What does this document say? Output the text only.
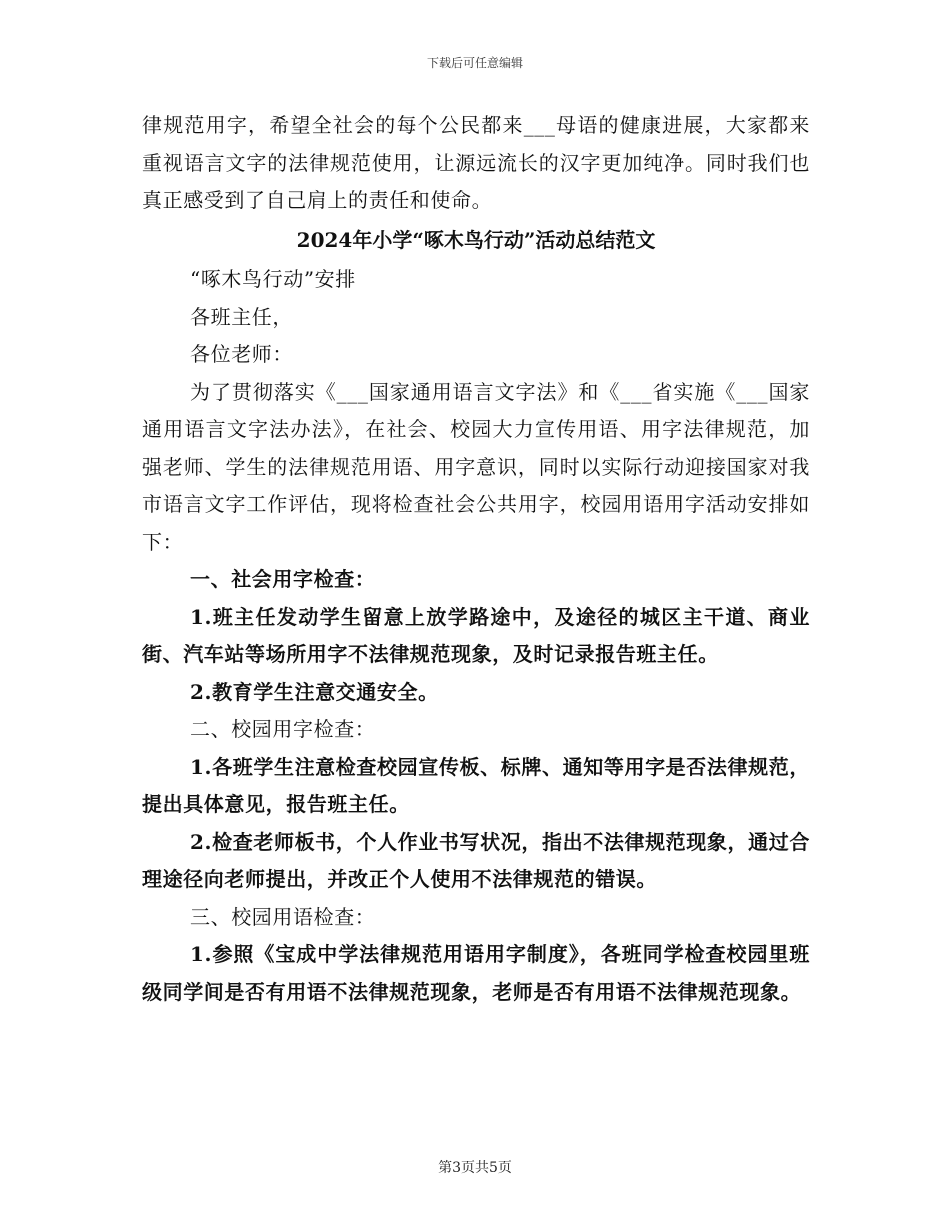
下载后可任意编辑

律规范用字，希望全社会的每个公民都来___母语的健康进展，大家都来重视语言文字的法律规范使用，让源远流长的汉字更加纯净。同时我们也真正感受到了自己肩上的责任和使命。

2024年小学“啄木鸟行动”活动总结范文

“啄木鸟行动”安排

各班主任，

各位老师：

为了贯彻落实《___国家通用语言文字法》和《___省实施《___国家通用语言文字法办法》，在社会、校园大力宣传用语、用字法律规范，加强老师、学生的法律规范用语、用字意识，同时以实际行动迎接国家对我市语言文字工作评估，现将检查社会公共用字，校园用语用字活动安排如下：

一、社会用字检查：

1.班主任发动学生留意上放学路途中，及途径的城区主干道、商业街、汽车站等场所用字不法律规范现象，及时记录报告班主任。

2.教育学生注意交通安全。

二、校园用字检查：

1.各班学生注意检查校园宣传板、标牌、通知等用字是否法律规范，提出具体意见，报告班主任。

2.检查老师板书，个人作业书写状况，指出不法律规范现象，通过合理途径向老师提出，并改正个人使用不法律规范的错误。

三、校园用语检查：

1.参照《宝成中学法律规范用语用字制度》，各班同学检查校园里班级同学间是否有用语不法律规范现象，老师是否有用语不法律规范现象。

第3页共5页
